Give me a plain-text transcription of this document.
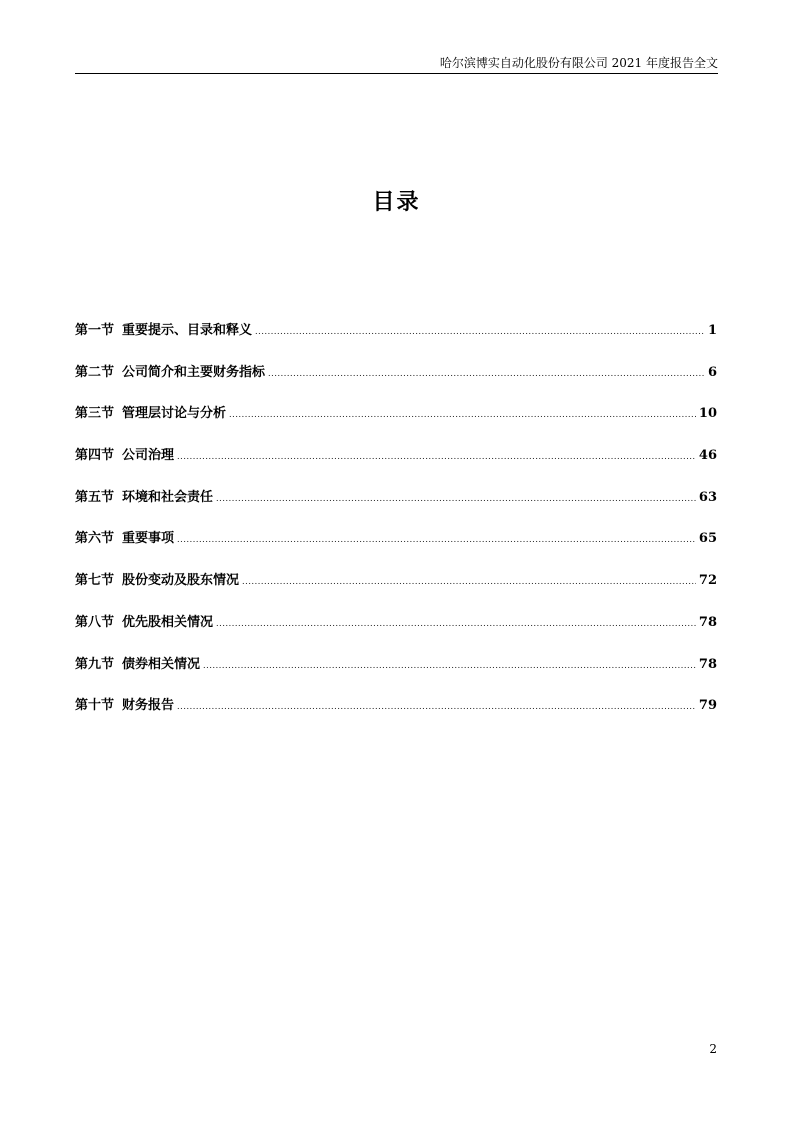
哈尔滨博实自动化股份有限公司 2021 年度报告全文
目录
第一节 重要提示、目录和释义 .....	1
第二节 公司简介和主要财务指标 .....	6
第三节 管理层讨论与分析 .....	10
第四节 公司治理 .....	46
第五节 环境和社会责任 .....	63
第六节 重要事项 .....	65
第七节 股份变动及股东情况 .....	72
第八节 优先股相关情况 .....	78
第九节 债券相关情况 .....	78
第十节 财务报告 .....	79
2
